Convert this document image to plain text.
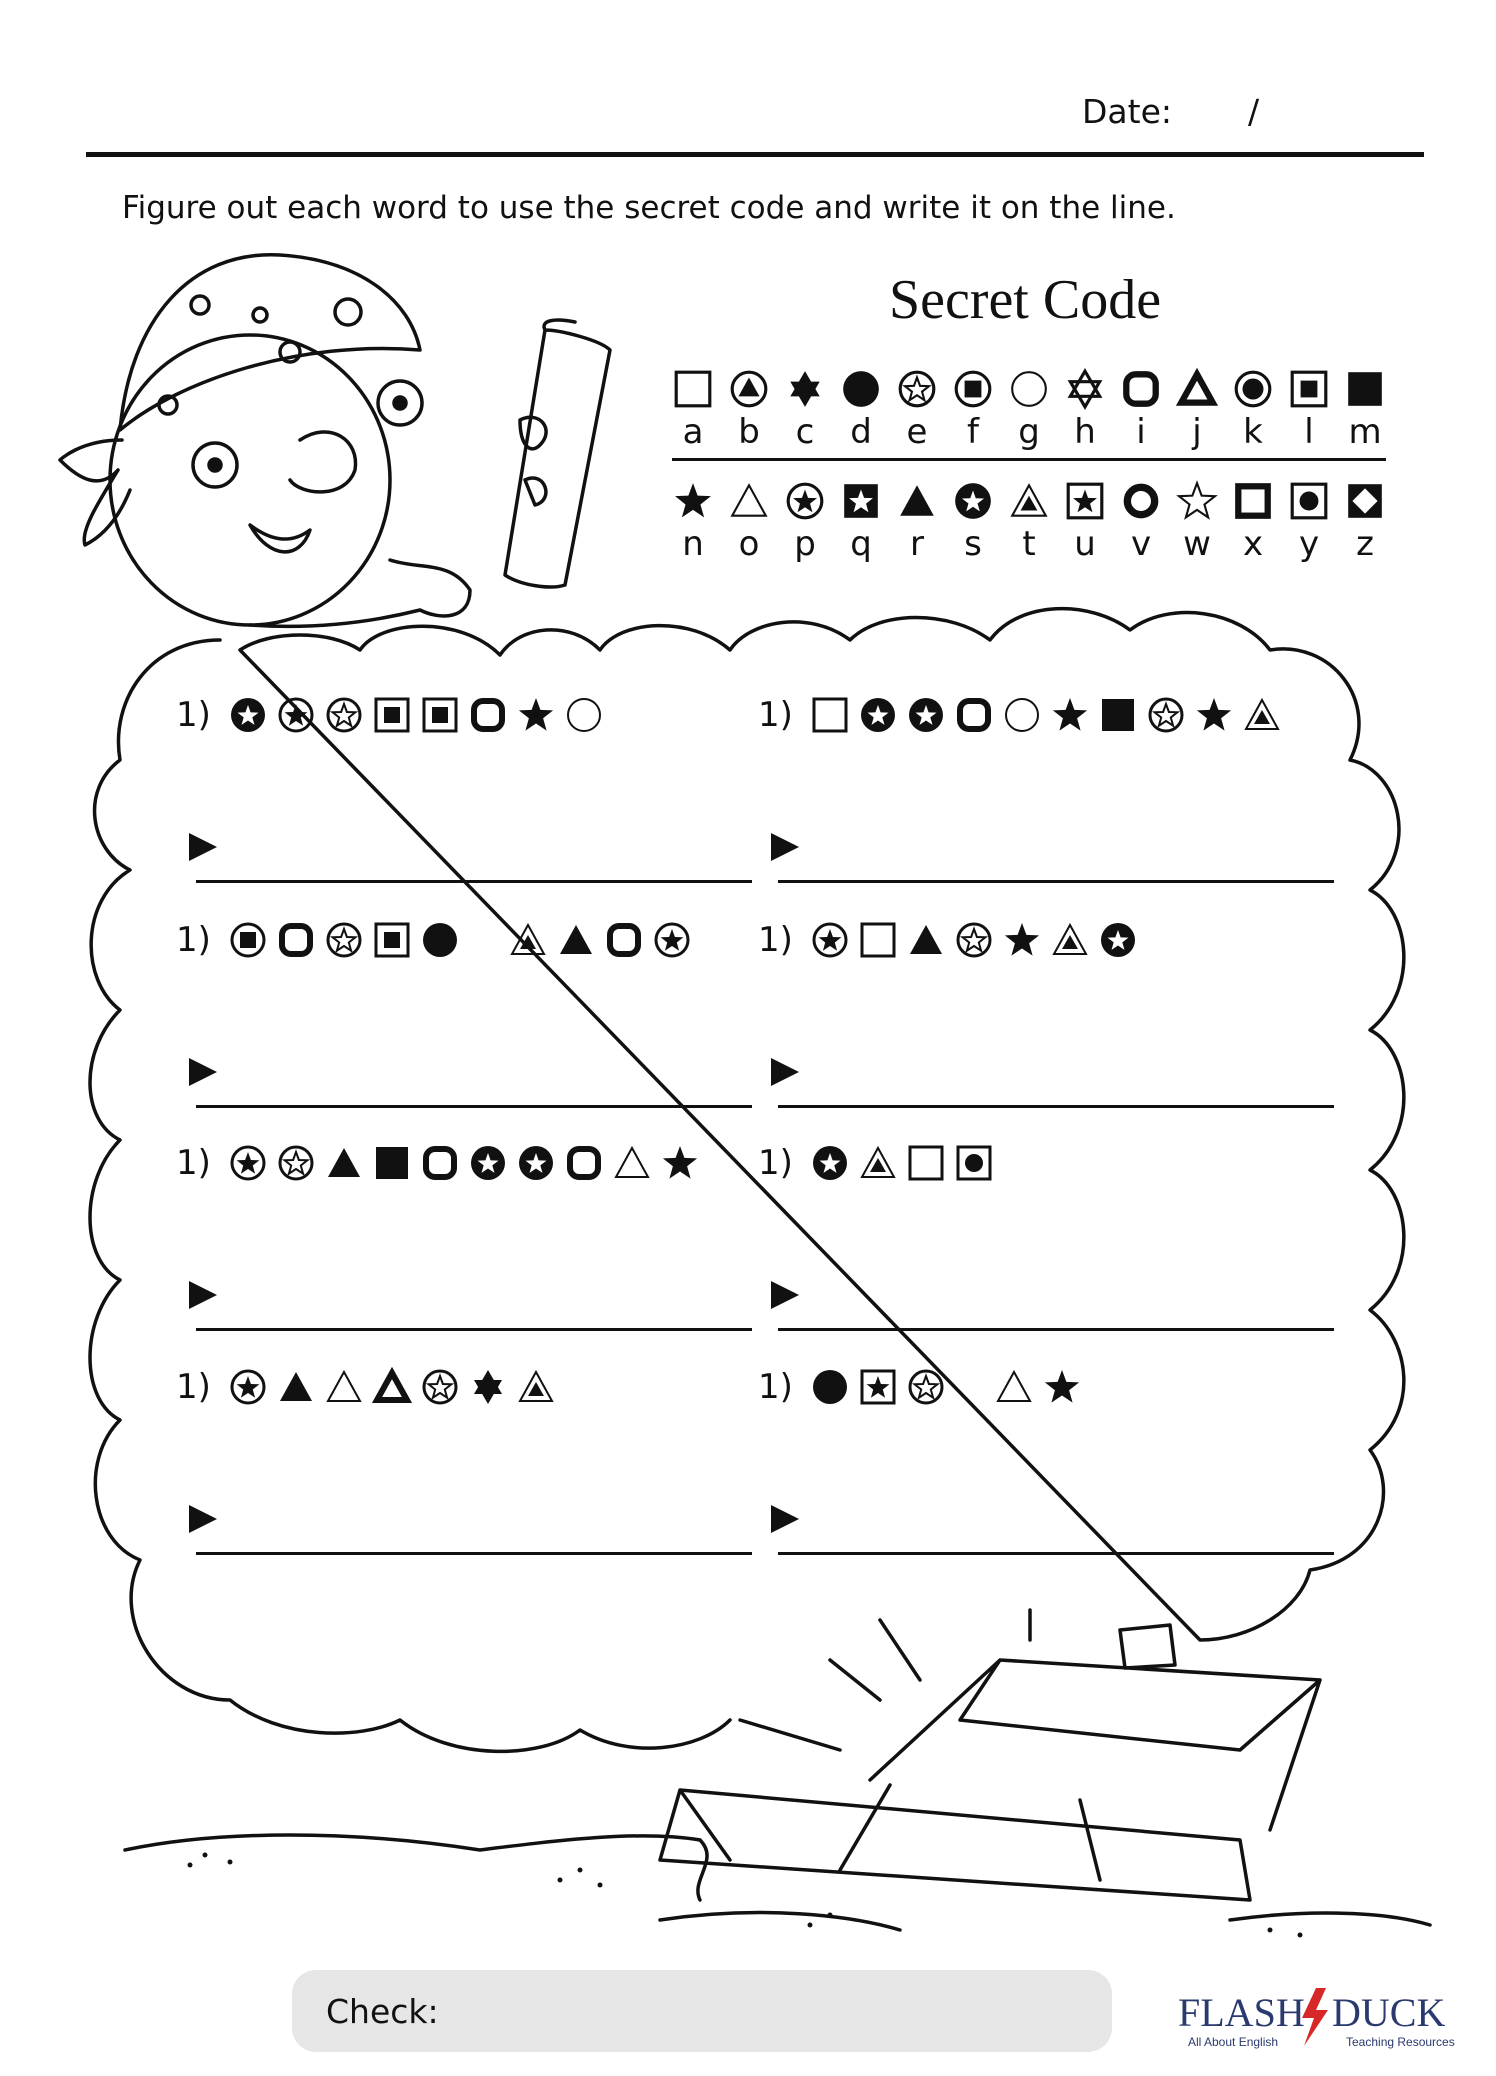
Date: /
Figure out each word to use the secret code and write it on the line.
Secret Code
a b c d e f g h i j k l m
n o p q r s t u v w x y z
1)	1)
1)	1)
1)	1)
1)	1)
Check:	FLASH DUCK
All About English	Teaching Resources
